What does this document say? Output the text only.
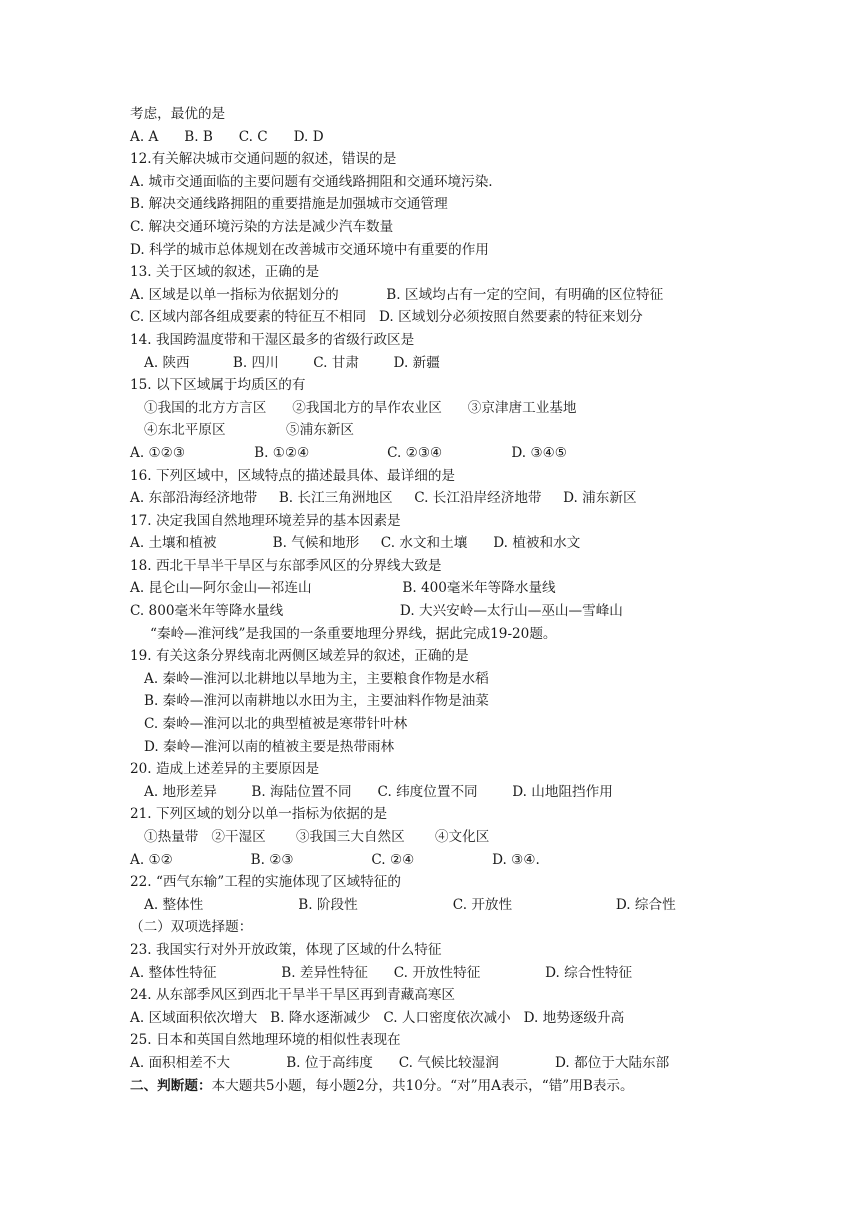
考虑，最优的是
A. A      B. B      C. C      D. D
12.有关解决城市交通问题的叙述，错误的是
A. 城市交通面临的主要问题有交通线路拥阻和交通环境污染.
B. 解决交通线路拥阻的重要措施是加强城市交通管理
C. 解决交通环境污染的方法是减少汽车数量
D. 科学的城市总体规划在改善城市交通环境中有重要的作用
13. 关于区域的叙述，正确的是
A. 区域是以单一指标为依据划分的           B. 区域均占有一定的空间，有明确的区位特征
C. 区域内部各组成要素的特征互不相同   D. 区域划分必须按照自然要素的特征来划分
14. 我国跨温度带和干湿区最多的省级行政区是
A. 陕西          B. 四川        C. 甘肃        D. 新疆
15. 以下区域属于均质区的有
①我国的北方方言区      ②我国北方的旱作农业区      ③京津唐工业基地
④东北平原区              ⑤浦东新区
A. ①②③                B. ①②④                  C. ②③④                D. ③④⑤
16. 下列区域中，区域特点的描述最具体、最详细的是
A. 东部沿海经济地带     B. 长江三角洲地区     C. 长江沿岸经济地带     D. 浦东新区
17. 决定我国自然地理环境差异的基本因素是
A. 土壤和植被             B. 气候和地形     C. 水文和土壤      D. 植被和水文
18. 西北干旱半干旱区与东部季风区的分界线大致是
A. 昆仑山—阿尔金山—祁连山                     B. 400毫米年等降水量线
C. 800毫米年等降水量线                           D. 大兴安岭—太行山—巫山—雪峰山
“秦岭—淮河线”是我国的一条重要地理分界线，据此完成19-20题。
19. 有关这条分界线南北两侧区域差异的叙述，正确的是
A. 秦岭—淮河以北耕地以旱地为主，主要粮食作物是水稻
B. 秦岭—淮河以南耕地以水田为主，主要油料作物是油菜
C. 秦岭—淮河以北的典型植被是寒带针叶林
D. 秦岭—淮河以南的植被主要是热带雨林
20. 造成上述差异的主要原因是
A. 地形差异        B. 海陆位置不同      C. 纬度位置不同        D. 山地阻挡作用
21. 下列区域的划分以单一指标为依据的是
①热量带   ②干湿区       ③我国三大自然区       ④文化区
A. ①②                  B. ②③                  C. ②④                  D. ③④.
22. “西气东输”工程的实施体现了区域特征的
A. 整体性                      B. 阶段性                      C. 开放性                        D. 综合性
（二）双项选择题：
23. 我国实行对外开放政策，体现了区域的什么特征
A. 整体性特征               B. 差异性特征      C. 开放性特征               D. 综合性特征
24. 从东部季风区到西北干旱半干旱区再到青藏高寒区
A. 区域面积依次增大   B. 降水逐渐减少   C. 人口密度依次减小   D. 地势逐级升高
25. 日本和英国自然地理环境的相似性表现在
A. 面积相差不大             B. 位于高纬度      C. 气候比较湿润             D. 都位于大陆东部
二、判断题： 本大题共5小题，每小题2分，共10分。“对”用A表示，“错”用B表示。
